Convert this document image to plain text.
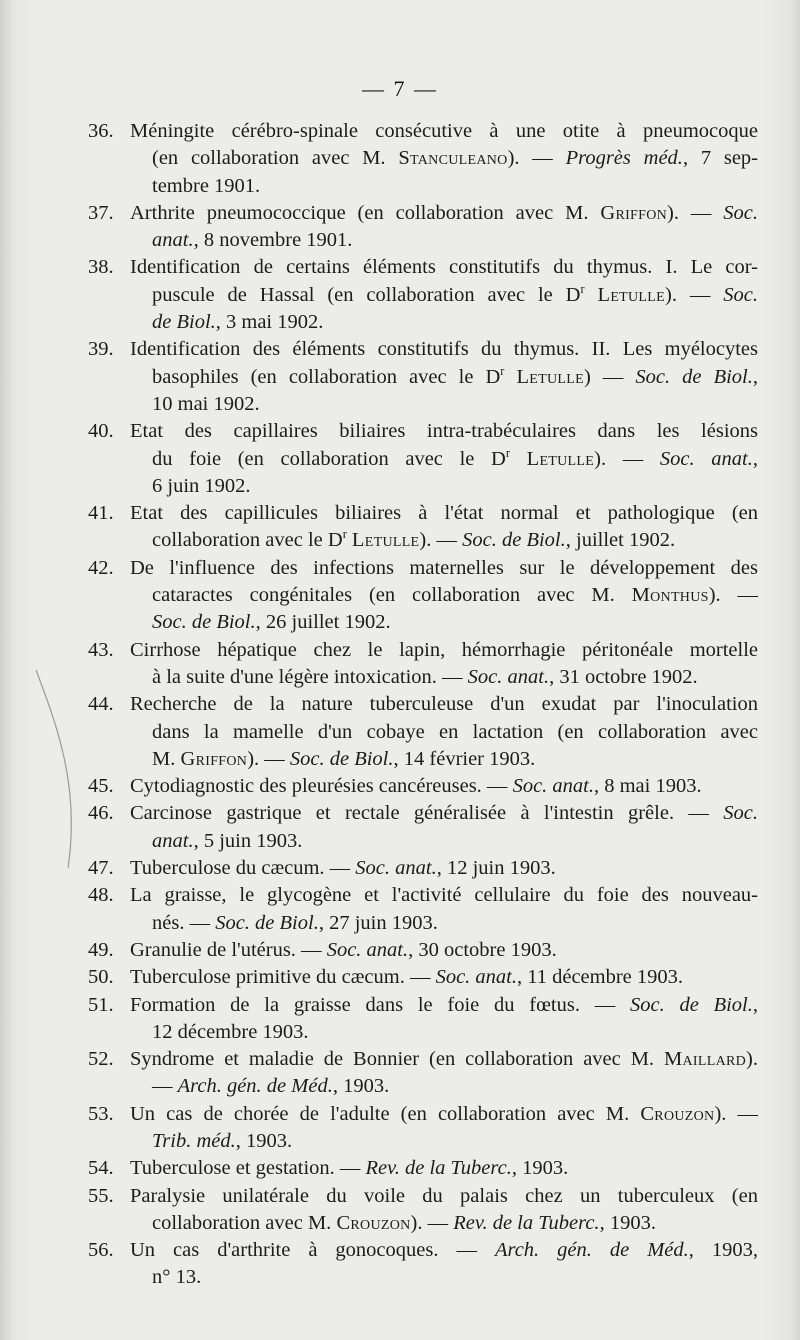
— 7 —
36. Méningite cérébro-spinale consécutive à une otite à pneumocoque
(en collaboration avec M. Stanculeano). — Progrès méd., 7 sep-
tembre 1901.
37. Arthrite pneumococcique (en collaboration avec M. Griffon). — Soc.
anat., 8 novembre 1901.
38. Identification de certains éléments constitutifs du thymus. I. Le cor-
puscule de Hassal (en collaboration avec le $D^r$ Letulle). — Soc.
de Biol., 3 mai 1902.
39. Identification des éléments constitutifs du thymus. II. Les myélocytes
basophiles (en collaboration avec le $D^r$ Letulle) — Soc. de Biol.,
10 mai 1902.
40. Etat des capillaires biliaires intra-trabéculaires dans les lésions
du foie (en collaboration avec le $D^r$ Letulle). — Soc. anat.,
6 juin 1902.
41. Etat des capillicules biliaires à l'état normal et pathologique (en
collaboration avec le $D^r$ Letulle). — Soc. de Biol., juillet 1902.
42. De l'influence des infections maternelles sur le développement des
cataractes congénitales (en collaboration avec M. Monthus). —
Soc. de Biol., 26 juillet 1902.
43. Cirrhose hépatique chez le lapin, hémorrhagie péritonéale mortelle
à la suite d'une légère intoxication. — Soc. anat., 31 octobre 1902.
44. Recherche de la nature tuberculeuse d'un exudat par l'inoculation
dans la mamelle d'un cobaye en lactation (en collaboration avec
M. Griffon). — Soc. de Biol., 14 février 1903.
45. Cytodiagnostic des pleurésies cancéreuses. — Soc. anat., 8 mai 1903.
46. Carcinose gastrique et rectale généralisée à l'intestin grêle. — Soc.
anat., 5 juin 1903.
47. Tuberculose du cæcum. — Soc. anat., 12 juin 1903.
48. La graisse, le glycogène et l'activité cellulaire du foie des nouveau-
nés. — Soc. de Biol., 27 juin 1903.
49. Granulie de l'utérus. — Soc. anat., 30 octobre 1903.
50. Tuberculose primitive du cæcum. — Soc. anat., 11 décembre 1903.
51. Formation de la graisse dans le foie du fœtus. — Soc. de Biol.,
12 décembre 1903.
52. Syndrome et maladie de Bonnier (en collaboration avec M. Maillard).
— Arch. gén. de Méd., 1903.
53. Un cas de chorée de l'adulte (en collaboration avec M. Crouzon). —
Trib. méd., 1903.
54. Tuberculose et gestation. — Rev. de la Tuberc., 1903.
55. Paralysie unilatérale du voile du palais chez un tuberculeux (en
collaboration avec M. Crouzon). — Rev. de la Tuberc., 1903.
56. Un cas d'arthrite à gonocoques. — Arch. gén. de Méd., 1903,
n° 13.
